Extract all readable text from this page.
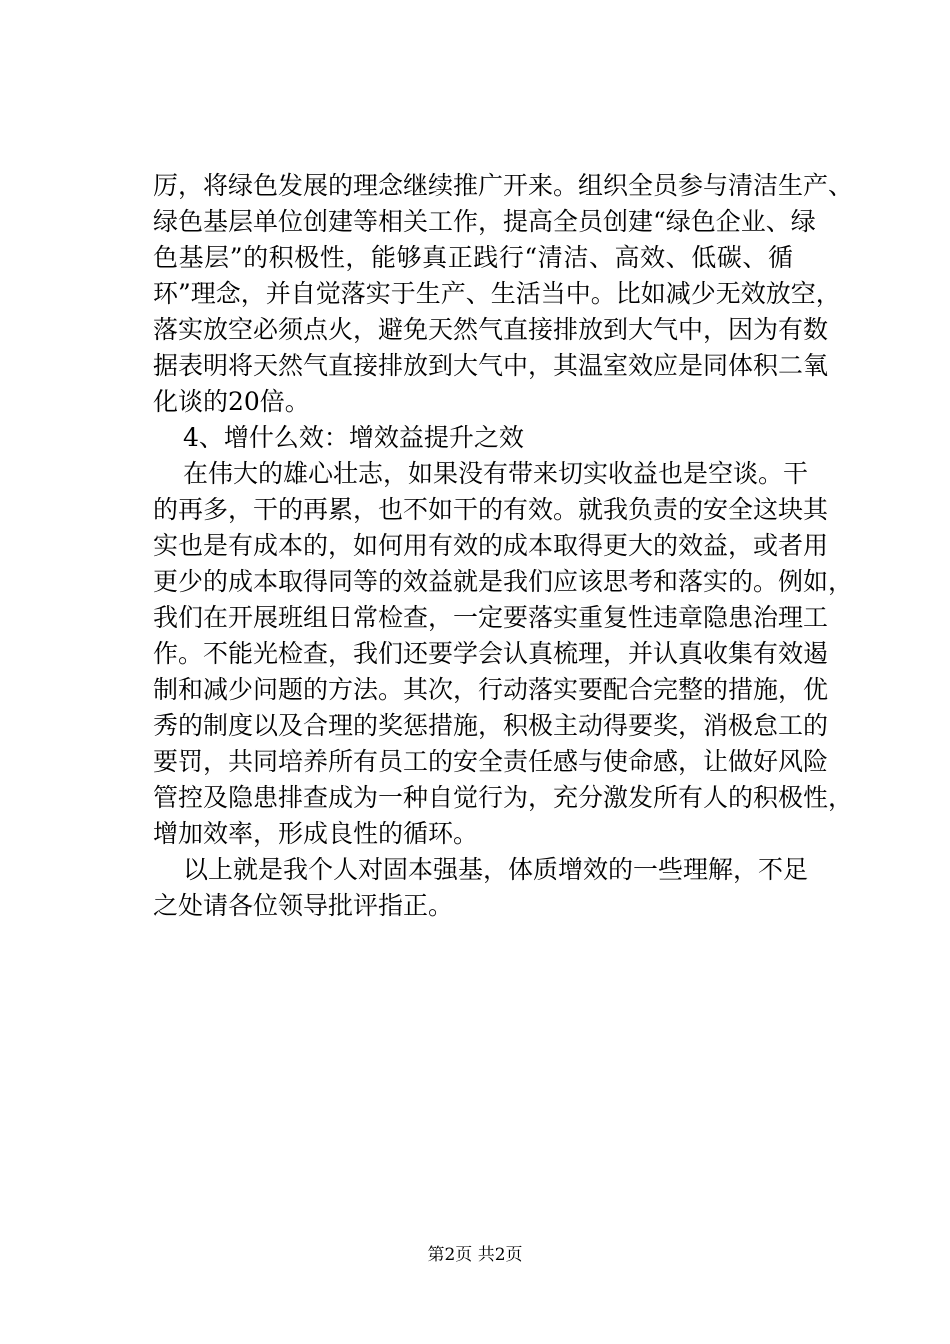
厉，将绿色发展的理念继续推广开来。组织全员参与清洁生产、
绿色基层单位创建等相关工作，提高全员创建“绿色企业、绿
色基层”的积极性，能够真正践行“清洁、高效、低碳、循
环”理念，并自觉落实于生产、生活当中。比如减少无效放空，
落实放空必须点火，避免天然气直接排放到大气中，因为有数
据表明将天然气直接排放到大气中，其温室效应是同体积二氧
化谈的20倍。
4、增什么效：增效益提升之效
在伟大的雄心壮志，如果没有带来切实收益也是空谈。干
的再多，干的再累，也不如干的有效。就我负责的安全这块其
实也是有成本的，如何用有效的成本取得更大的效益，或者用
更少的成本取得同等的效益就是我们应该思考和落实的。例如，
我们在开展班组日常检查，一定要落实重复性违章隐患治理工
作。不能光检查，我们还要学会认真梳理，并认真收集有效遏
制和减少问题的方法。其次，行动落实要配合完整的措施，优
秀的制度以及合理的奖惩措施，积极主动得要奖，消极怠工的
要罚，共同培养所有员工的安全责任感与使命感，让做好风险
管控及隐患排查成为一种自觉行为，充分激发所有人的积极性，
增加效率，形成良性的循环。
以上就是我个人对固本强基，体质增效的一些理解，不足
之处请各位领导批评指正。
第2页 共2页
